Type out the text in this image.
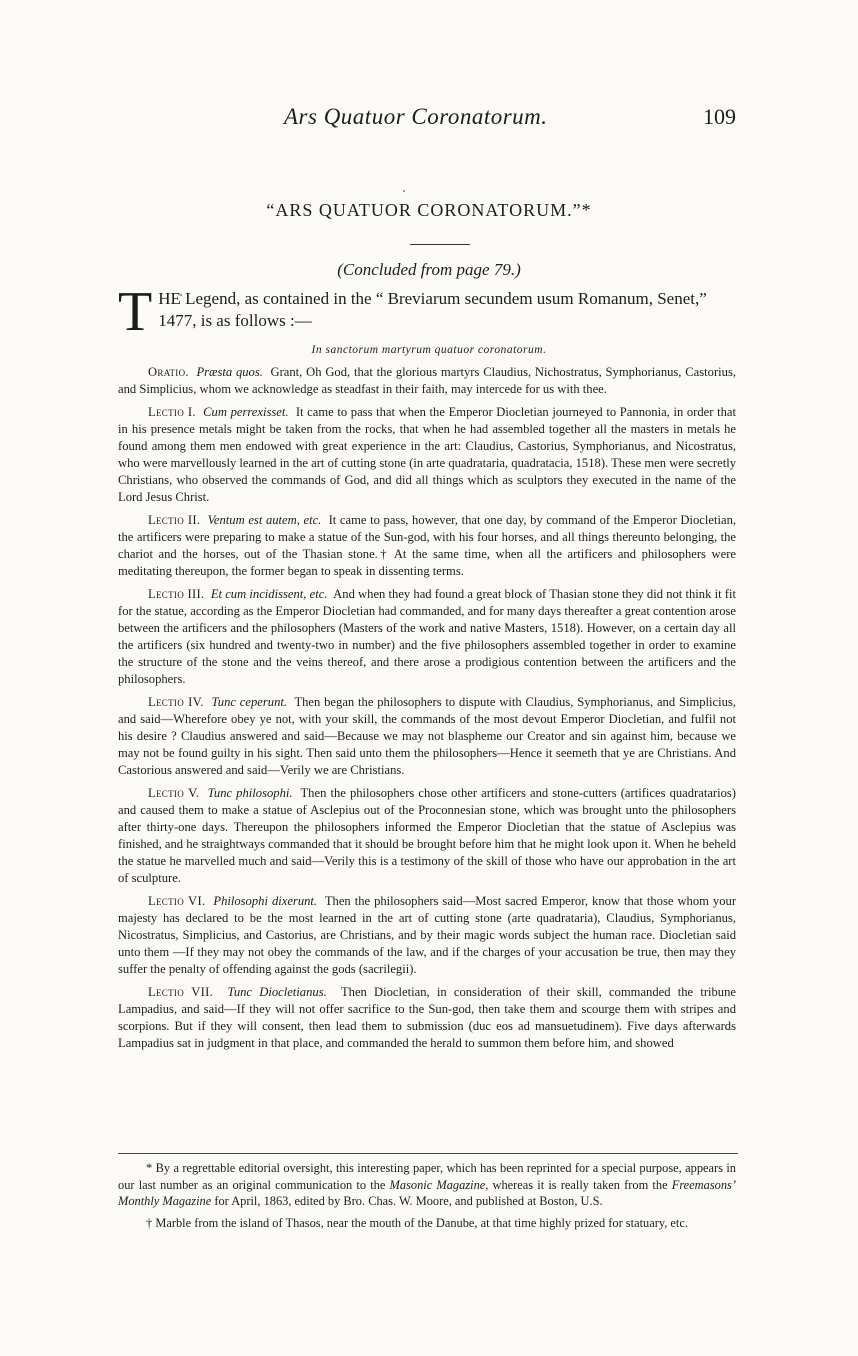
Ars Quatuor Coronatorum.	109
“ARS QUATUOR CORONATORUM.”*
(Concluded from page 79.)
T HE Legend, as contained in the “ Breviarum secundem usum Romanum, Senet,” 1477, is as follows :—
In sanctorum martyrum quatuor coronatorum.

Oratio. Præsta quos. Grant, Oh God, that the glorious martyrs Claudius, Nichostratus, Symphorianus, Castorius, and Simplicius, whom we acknowledge as steadfast in their faith, may intercede for us with thee.

Lectio I. Cum perrexisset. It came to pass that when the Emperor Diocletian journeyed to Pannonia, in order that in his presence metals might be taken from the rocks, that when he had assembled together all the masters in metals he found among them men endowed with great experience in the art: Claudius, Castorius, Symphorianus, and Nicostratus, who were marvellously learned in the art of cutting stone (in arte quadrataria, quadratacia, 1518). These men were secretly Christians, who observed the commands of God, and did all things which as sculptors they executed in the name of the Lord Jesus Christ.

Lectio II. Ventum est autem, etc. It came to pass, however, that one day, by command of the Emperor Diocletian, the artificers were preparing to make a statue of the Sun-god, with his four horses, and all things thereunto belonging, the chariot and the horses, out of the Thasian stone.† At the same time, when all the artificers and philosophers were meditating thereupon, the former began to speak in dissenting terms.

Lectio III. Et cum incidissent, etc. And when they had found a great block of Thasian stone they did not think it fit for the statue, according as the Emperor Diocletian had commanded, and for many days thereafter a great contention arose between the artificers and the philosophers (Masters of the work and native Masters, 1518). However, on a certain day all the artificers (six hundred and twenty-two in number) and the five philosophers assembled together in order to examine the structure of the stone and the veins thereof, and there arose a prodigious contention between the artificers and the philosophers.

Lectio IV. Tunc ceperunt. Then began the philosophers to dispute with Claudius, Symphorianus, and Simplicius, and said—Wherefore obey ye not, with your skill, the commands of the most devout Emperor Diocletian, and fulfil not his desire ? Claudius answered and said—Because we may not blaspheme our Creator and sin against him, because we may not be found guilty in his sight. Then said unto them the philosophers—Hence it seemeth that ye are Christians. And Castorious answered and said—Verily we are Christians.

Lectio V. Tunc philosophi. Then the philosophers chose other artificers and stone-cutters (artifices quadratarios) and caused them to make a statue of Asclepius out of the Proconnesian stone, which was brought unto the philosophers after thirty-one days. Thereupon the philosophers informed the Emperor Diocletian that the statue of Asclepius was finished, and he straightways commanded that it should be brought before him that he might look upon it. When he beheld the statue he marvelled much and said—Verily this is a testimony of the skill of those who have our approbation in the art of sculpture.

Lectio VI. Philosophi dixerunt. Then the philosophers said—Most sacred Emperor, know that those whom your majesty has declared to be the most learned in the art of cutting stone (arte quadrataria), Claudius, Symphorianus, Nicostratus, Simplicius, and Castorius, are Christians, and by their magic words subject the human race. Diocletian said unto them —If they may not obey the commands of the law, and if the charges of your accusation be true, then may they suffer the penalty of offending against the gods (sacrilegii).

Lectio VII. Tunc Diocletianus. Then Diocletian, in consideration of their skill, commanded the tribune Lampadius, and said—If they will not offer sacrifice to the Sun-god, then take them and scourge them with stripes and scorpions. But if they will consent, then lead them to submission (duc eos ad mansuetudinem). Five days afterwards Lampadius sat in judgment in that place, and commanded the herald to summon them before him, and showed

* By a regrettable editorial oversight, this interesting paper, which has been reprinted for a special purpose, appears in our last number as an original communication to the Masonic Magazine, whereas it is really taken from the Freemasons’ Monthly Magazine for April, 1863, edited by Bro. Chas. W. Moore, and published at Boston, U.S.

† Marble from the island of Thasos, near the mouth of the Danube, at that time highly prized for statuary, etc.
